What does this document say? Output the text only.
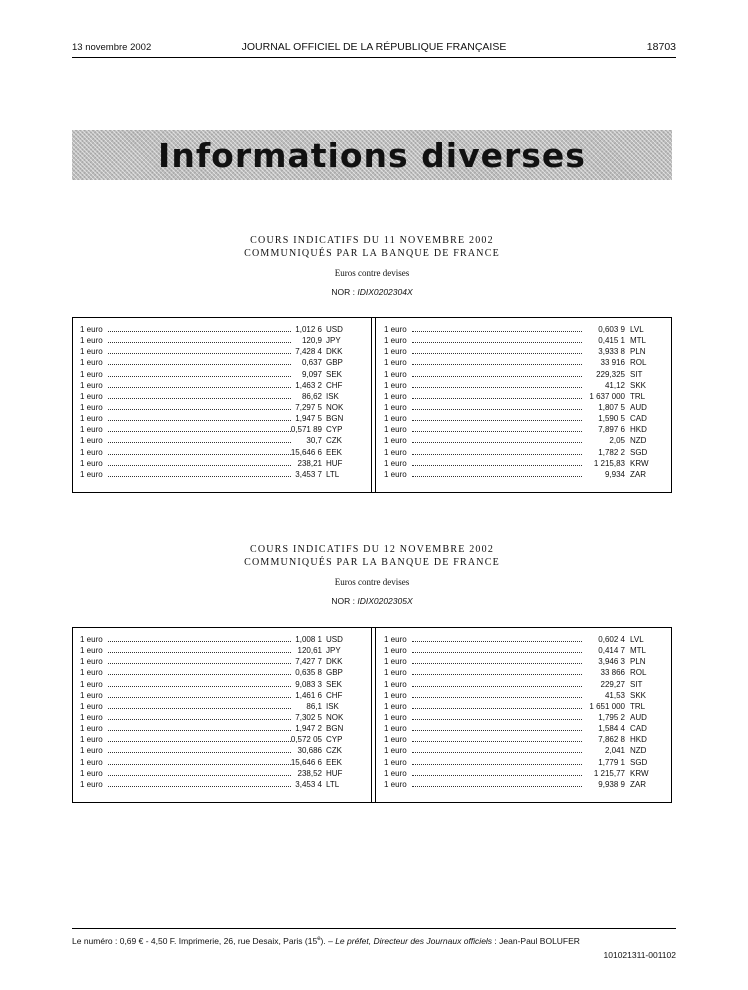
13 novembre 2002	JOURNAL OFFICIEL DE LA RÉPUBLIQUE FRANÇAISE	18703
Informations diverses
COURS INDICATIFS DU 11 NOVEMBRE 2002
COMMUNIQUÉS PAR LA BANQUE DE FRANCE
Euros contre devises
NOR : IDIX0202304X
1 euro	1,012 6 USD
1 euro	120,9 JPY
1 euro	7,428 4 DKK
1 euro	0,637 GBP
1 euro	9,097 SEK
1 euro	1,463 2 CHF
1 euro	86,62 ISK
1 euro	7,297 5 NOK
1 euro	1,947 5 BGN
1 euro	0,571 89 CYP
1 euro	30,7 CZK
1 euro	15,646 6 EEK
1 euro	238,21 HUF
1 euro	3,453 7 LTL
1 euro	0,603 9 LVL
1 euro	0,415 1 MTL
1 euro	3,933 8 PLN
1 euro	33 916 ROL
1 euro	229,325 SIT
1 euro	41,12 SKK
1 euro	1 637 000 TRL
1 euro	1,807 5 AUD
1 euro	1,590 5 CAD
1 euro	7,897 6 HKD
1 euro	2,05 NZD
1 euro	1,782 2 SGD
1 euro	1 215,83 KRW
1 euro	9,934 ZAR
COURS INDICATIFS DU 12 NOVEMBRE 2002
COMMUNIQUÉS PAR LA BANQUE DE FRANCE
Euros contre devises
NOR : IDIX0202305X
1 euro	1,008 1 USD
1 euro	120,61 JPY
1 euro	7,427 7 DKK
1 euro	0,635 8 GBP
1 euro	9,083 3 SEK
1 euro	1,461 6 CHF
1 euro	86,1 ISK
1 euro	7,302 5 NOK
1 euro	1,947 2 BGN
1 euro	0,572 05 CYP
1 euro	30,686 CZK
1 euro	15,646 6 EEK
1 euro	238,52 HUF
1 euro	3,453 4 LTL
1 euro	0,602 4 LVL
1 euro	0,414 7 MTL
1 euro	3,946 3 PLN
1 euro	33 866 ROL
1 euro	229,27 SIT
1 euro	41,53 SKK
1 euro	1 651 000 TRL
1 euro	1,795 2 AUD
1 euro	1,584 4 CAD
1 euro	7,862 8 HKD
1 euro	2,041 NZD
1 euro	1,779 1 SGD
1 euro	1 215,77 KRW
1 euro	9,938 9 ZAR
Le numéro : 0,69 € - 4,50 F. Imprimerie, 26, rue Desaix, Paris (15e). – Le préfet, Directeur des Journaux officiels : Jean-Paul BOLUFER
101021311-001102
